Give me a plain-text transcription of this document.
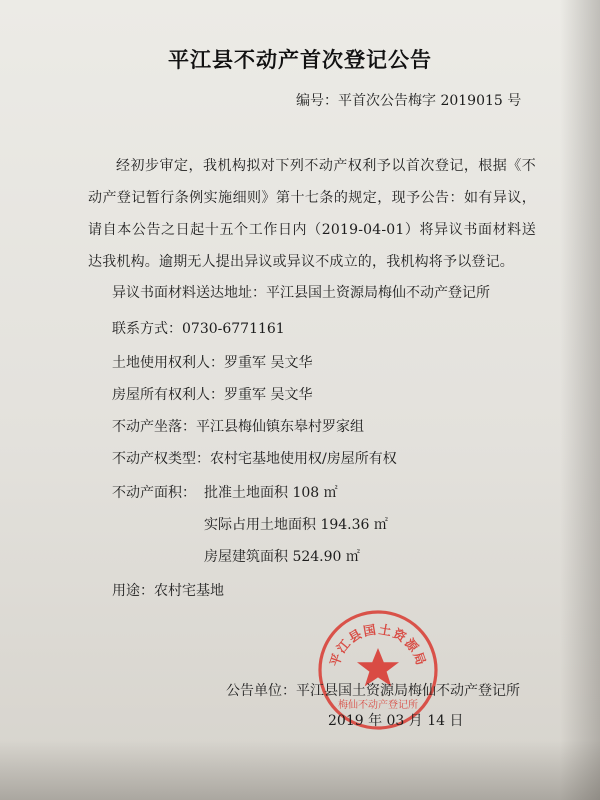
平江县不动产首次登记公告
编号：平首次公告梅字 2019015 号
经初步审定，我机构拟对下列不动产权利予以首次登记，根据《不动产登记暂行条例实施细则》第十七条的规定，现予公告：如有异议，请自本公告之日起十五个工作日内（2019-04-01）将异议书面材料送达我机构。逾期无人提出异议或异议不成立的，我机构将予以登记。
异议书面材料送达地址：平江县国土资源局梅仙不动产登记所
联系方式：0730-6771161
土地使用权利人：罗重军 吴文华
房屋所有权利人：罗重军 吴文华
不动产坐落：平江县梅仙镇东皋村罗家组
不动产权类型：农村宅基地使用权/房屋所有权
不动产面积： 批准土地面积 108 ㎡
实际占用土地面积 194.36 ㎡
房屋建筑面积 524.90 ㎡
用途：农村宅基地
平江县国土资源局
梅仙不动产登记所
公告单位：平江县国土资源局梅仙不动产登记所
2019 年 03 月 14 日
